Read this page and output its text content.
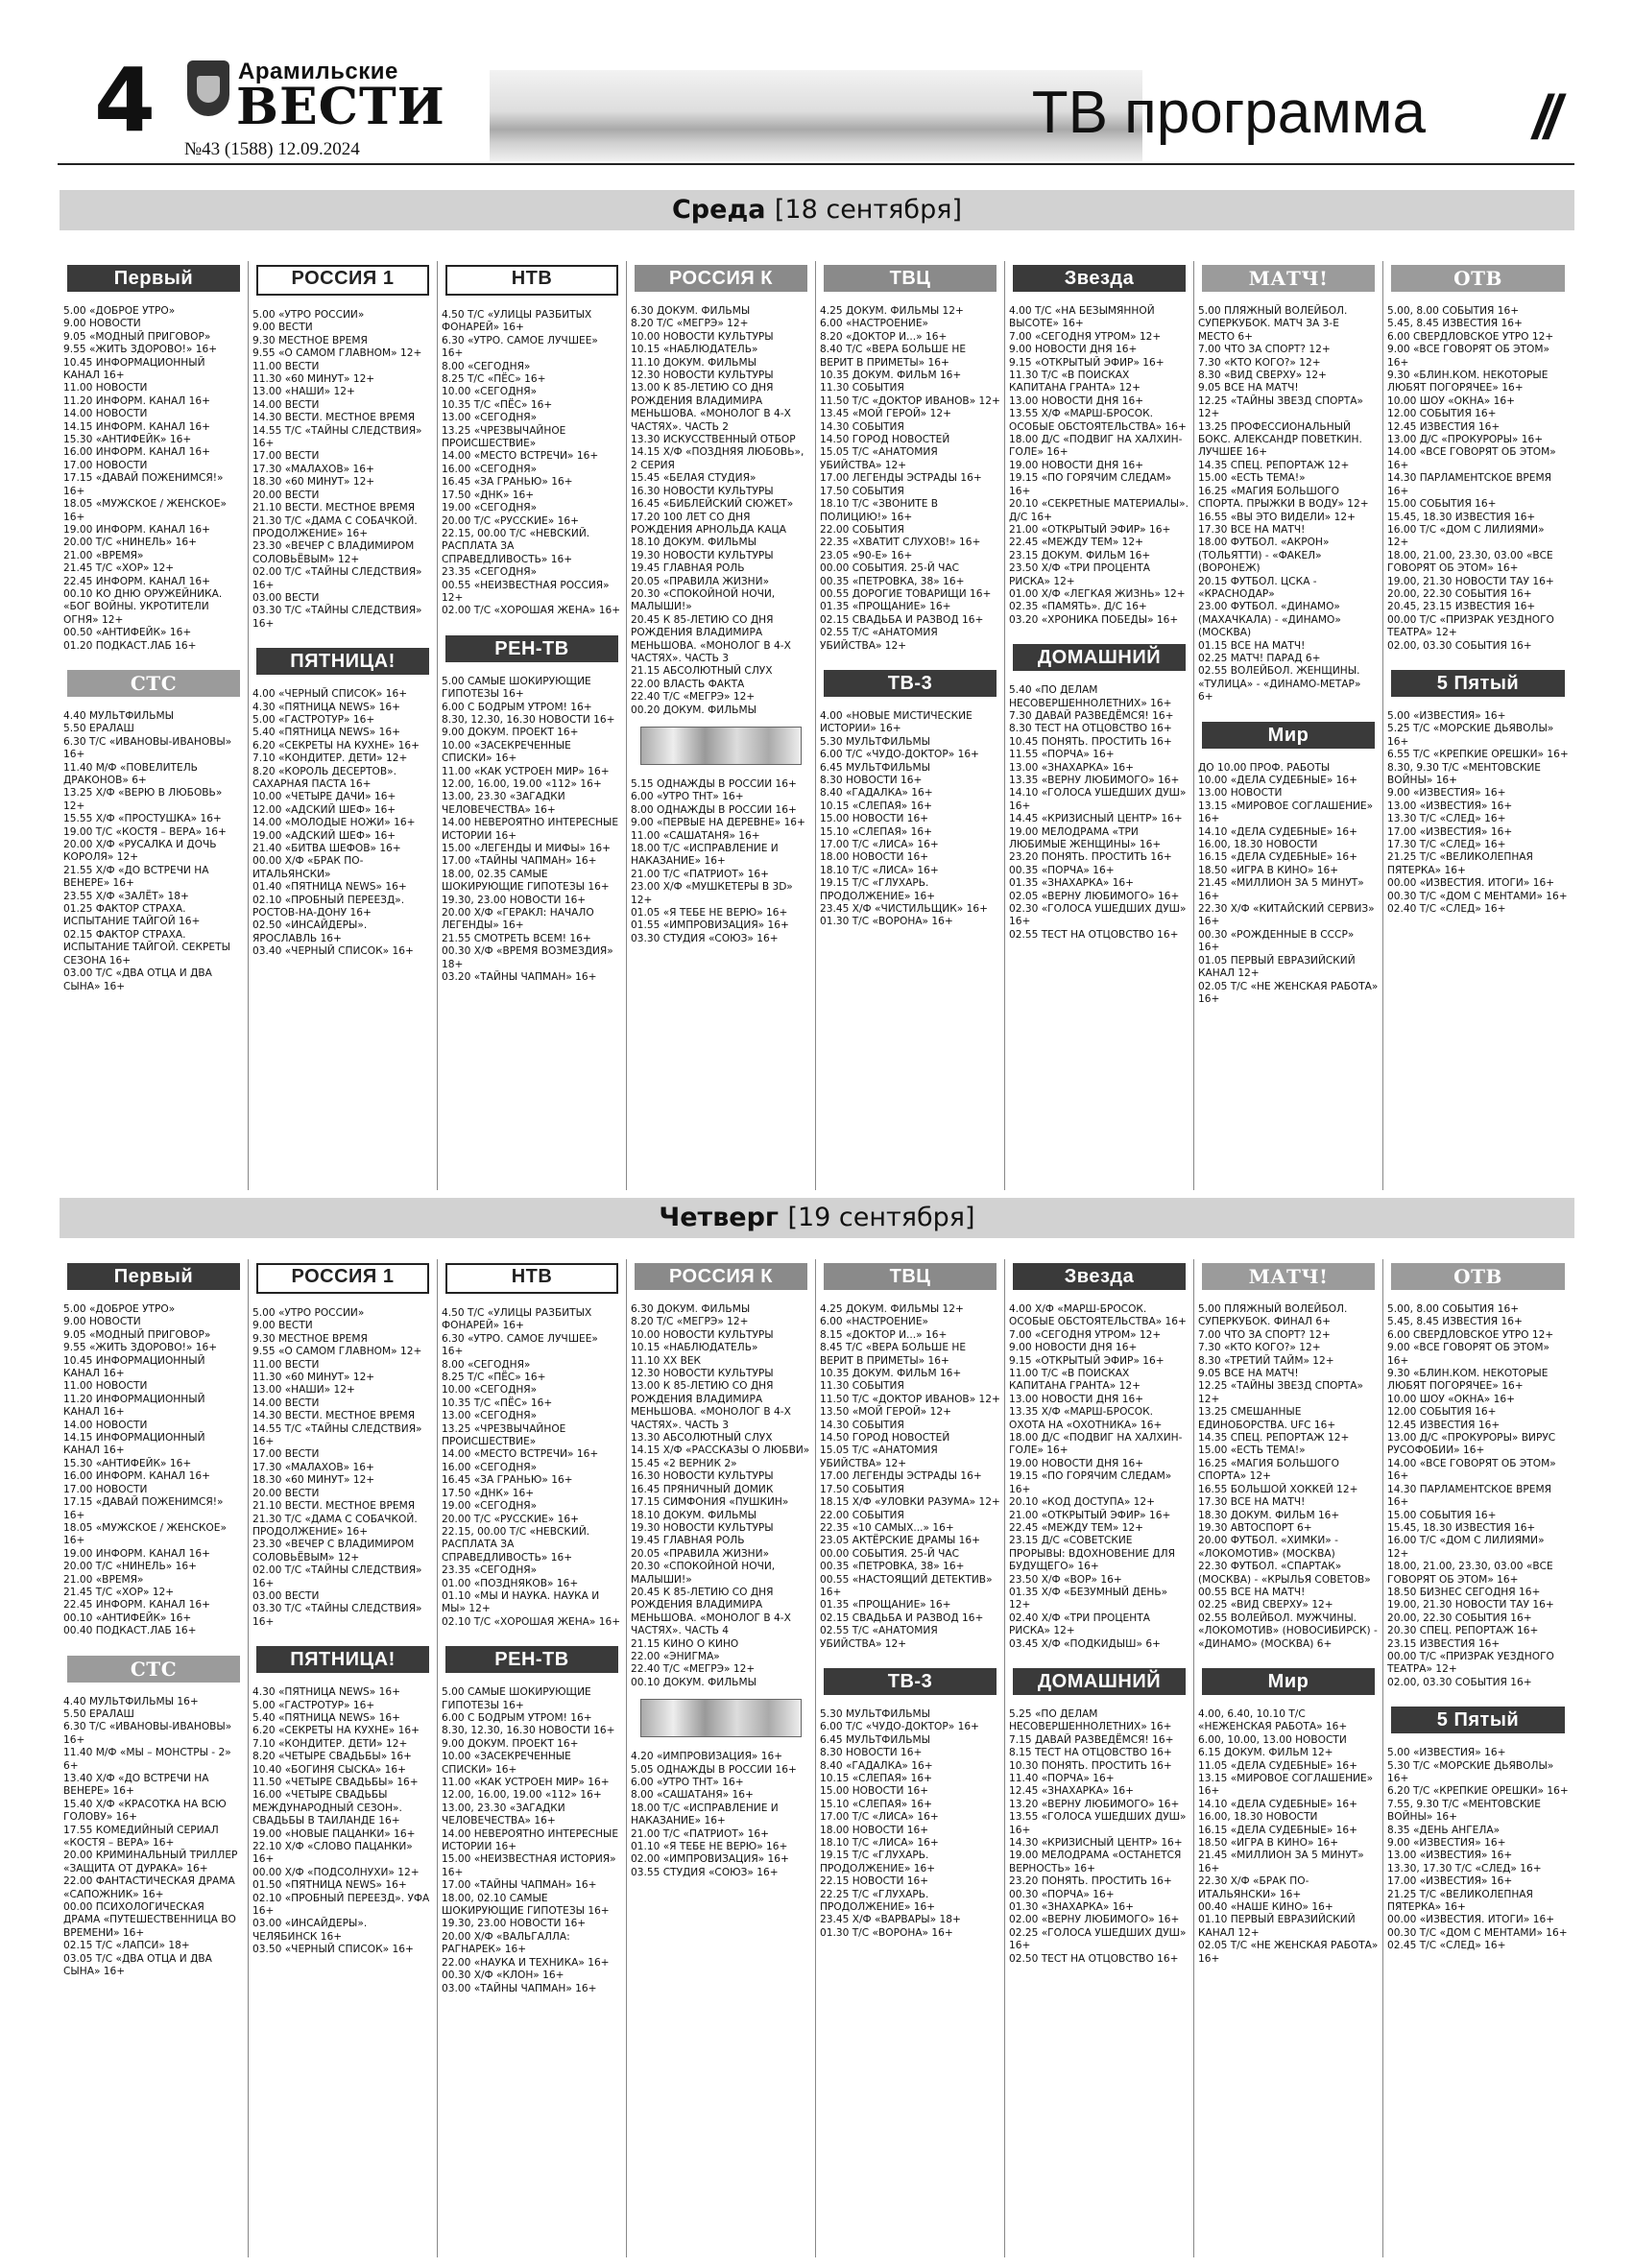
4	Арамильские
ВЕСТИ
№43 (1588) 12.09.2024
ТВ программа //
Среда [18 сентября]
Первый
5.00 «ДОБРОЕ УТРО»
9.00 НОВОСТИ
9.05 «МОДНЫЙ ПРИГОВОР»
9.55 «ЖИТЬ ЗДОРОВО!» 16+
10.45 ИНФОРМАЦИОННЫЙ КАНАЛ 16+
11.00 НОВОСТИ
11.20 ИНФОРМ. КАНАЛ 16+
14.00 НОВОСТИ
14.15 ИНФОРМ. КАНАЛ 16+
15.30 «АНТИФЕЙК» 16+
16.00 ИНФОРМ. КАНАЛ 16+
17.00 НОВОСТИ
17.15 «ДАВАЙ ПОЖЕНИМСЯ!» 16+
18.05 «МУЖСКОЕ / ЖЕНСКОЕ» 16+
19.00 ИНФОРМ. КАНАЛ 16+
20.00 Т/С «НИНЕЛЬ» 16+
21.00 «ВРЕМЯ»
21.45 Т/С «ХОР» 12+
22.45 ИНФОРМ. КАНАЛ 16+
00.10 КО ДНЮ ОРУЖЕЙНИКА. «БОГ ВОЙНЫ. УКРОТИТЕЛИ ОГНЯ» 12+
00.50 «АНТИФЕЙК» 16+
01.20 ПОДКАСТ.ЛАБ 16+
СТС
4.40 МУЛЬТФИЛЬМЫ
5.50 ЕРАЛАШ
6.30 Т/С «ИВАНОВЫ-ИВАНОВЫ» 16+
11.40 М/Ф «ПОВЕЛИТЕЛЬ ДРАКОНОВ» 6+
13.25 Х/Ф «ВЕРЮ В ЛЮБОВЬ» 12+
15.55 Х/Ф «ПРОСТУШКА» 16+
19.00 Т/С «КОСТЯ – ВЕРА» 16+
20.00 Х/Ф «РУСАЛКА И ДОЧЬ КОРОЛЯ» 12+
21.55 Х/Ф «ДО ВСТРЕЧИ НА ВЕНЕРЕ» 16+
23.55 Х/Ф «ЗАЛЁТ» 18+
01.25 ФАКТОР СТРАХА. ИСПЫТАНИЕ ТАЙГОЙ 16+
02.15 ФАКТОР СТРАХА. ИСПЫТАНИЕ ТАЙГОЙ. СЕКРЕТЫ СЕЗОНА 16+
03.00 Т/С «ДВА ОТЦА И ДВА СЫНА» 16+
РОССИЯ 1
5.00 «УТРО РОССИИ»
9.00 ВЕСТИ
9.30 МЕСТНОЕ ВРЕМЯ
9.55 «О САМОМ ГЛАВНОМ» 12+
11.00 ВЕСТИ
11.30 «60 МИНУТ» 12+
13.00 «НАШИ» 12+
14.00 ВЕСТИ
14.30 ВЕСТИ. МЕСТНОЕ ВРЕМЯ
14.55 Т/С «ТАЙНЫ СЛЕДСТВИЯ» 16+
17.00 ВЕСТИ
17.30 «МАЛАХОВ» 16+
18.30 «60 МИНУТ» 12+
20.00 ВЕСТИ
21.10 ВЕСТИ. МЕСТНОЕ ВРЕМЯ
21.30 Т/С «ДАМА С СОБАЧКОЙ. ПРОДОЛЖЕНИЕ» 16+
23.30 «ВЕЧЕР С ВЛАДИМИРОМ СОЛОВЬЁВЫМ» 12+
02.00 Т/С «ТАЙНЫ СЛЕДСТВИЯ» 16+
03.00 ВЕСТИ
03.30 Т/С «ТАЙНЫ СЛЕДСТВИЯ» 16+
ПЯТНИЦА!
4.00 «ЧЕРНЫЙ СПИСОК» 16+
4.30 «ПЯТНИЦА NEWS» 16+
5.00 «ГАСТРОТУР» 16+
5.40 «ПЯТНИЦА NEWS» 16+
6.20 «СЕКРЕТЫ НА КУХНЕ» 16+
7.10 «КОНДИТЕР. ДЕТИ» 12+
8.20 «КОРОЛЬ ДЕСЕРТОВ». САХАРНАЯ ПАСТА 16+
10.00 «ЧЕТЫРЕ ДАЧИ» 16+
12.00 «АДСКИЙ ШЕФ» 16+
14.00 «МОЛОДЫЕ НОЖИ» 16+
19.00 «АДСКИЙ ШЕФ» 16+
21.40 «БИТВА ШЕФОВ» 16+
00.00 Х/Ф «БРАК ПО-ИТАЛЬЯНСКИ»
01.40 «ПЯТНИЦА NEWS» 16+
02.10 «ПРОБНЫЙ ПЕРЕЕЗД». РОСТОВ-НА-ДОНУ 16+
02.50 «ИНСАЙДЕРЫ». ЯРОСЛАВЛЬ 16+
03.40 «ЧЕРНЫЙ СПИСОК» 16+
НТВ
4.50 Т/С «УЛИЦЫ РАЗБИТЫХ ФОНАРЕЙ» 16+
6.30 «УТРО. САМОЕ ЛУЧШЕЕ» 16+
8.00 «СЕГОДНЯ»
8.25 Т/С «ПЁС» 16+
10.00 «СЕГОДНЯ»
10.35 Т/С «ПЁС» 16+
13.00 «СЕГОДНЯ»
13.25 «ЧРЕЗВЫЧАЙНОЕ ПРОИСШЕСТВИЕ»
14.00 «МЕСТО ВСТРЕЧИ» 16+
16.00 «СЕГОДНЯ»
16.45 «ЗА ГРАНЬЮ» 16+
17.50 «ДНК» 16+
19.00 «СЕГОДНЯ»
20.00 Т/С «РУССКИЕ» 16+
22.15, 00.00 Т/С «НЕВСКИЙ. РАСПЛАТА ЗА СПРАВЕДЛИВОСТЬ» 16+
23.35 «СЕГОДНЯ»
00.55 «НЕИЗВЕСТНАЯ РОССИЯ» 12+
02.00 Т/С «ХОРОШАЯ ЖЕНА» 16+
РЕН-ТВ
5.00 САМЫЕ ШОКИРУЮЩИЕ ГИПОТЕЗЫ 16+
6.00 С БОДРЫМ УТРОМ! 16+
8.30, 12.30, 16.30 НОВОСТИ 16+
9.00 ДОКУМ. ПРОЕКТ 16+
10.00 «ЗАСЕКРЕЧЕННЫЕ СПИСКИ» 16+
11.00 «КАК УСТРОЕН МИР» 16+
12.00, 16.00, 19.00 «112» 16+
13.00, 23.30 «ЗАГАДКИ ЧЕЛОВЕЧЕСТВА» 16+
14.00 НЕВЕРОЯТНО ИНТЕРЕСНЫЕ ИСТОРИИ 16+
15.00 «ЛЕГЕНДЫ И МИФЫ» 16+
17.00 «ТАЙНЫ ЧАПМАН» 16+
18.00, 02.35 САМЫЕ ШОКИРУЮЩИЕ ГИПОТЕЗЫ 16+
19.30, 23.00 НОВОСТИ 16+
20.00 Х/Ф «ГЕРАКЛ: НАЧАЛО ЛЕГЕНДЫ» 16+
21.55 СМОТРЕТЬ ВСЕМ! 16+
00.30 Х/Ф «ВРЕМЯ ВОЗМЕЗДИЯ» 18+
03.20 «ТАЙНЫ ЧАПМАН» 16+
РОССИЯ К
6.30 ДОКУМ. ФИЛЬМЫ
8.20 Т/С «МЕГРЭ» 12+
10.00 НОВОСТИ КУЛЬТУРЫ
10.15 «НАБЛЮДАТЕЛЬ»
11.10 ДОКУМ. ФИЛЬМЫ
12.30 НОВОСТИ КУЛЬТУРЫ
13.00 К 85-ЛЕТИЮ СО ДНЯ РОЖДЕНИЯ ВЛАДИМИРА МЕНЬШОВА. «МОНОЛОГ В 4-Х ЧАСТЯХ». ЧАСТЬ 2
13.30 ИСКУССТВЕННЫЙ ОТБОР
14.15 Х/Ф «ПОЗДНЯЯ ЛЮБОВЬ», 2 СЕРИЯ
15.45 «БЕЛАЯ СТУДИЯ»
16.30 НОВОСТИ КУЛЬТУРЫ
16.45 «БИБЛЕЙСКИЙ СЮЖЕТ»
17.20 100 ЛЕТ СО ДНЯ РОЖДЕНИЯ АРНОЛЬДА КАЦА
18.10 ДОКУМ. ФИЛЬМЫ
19.30 НОВОСТИ КУЛЬТУРЫ
19.45 ГЛАВНАЯ РОЛЬ
20.05 «ПРАВИЛА ЖИЗНИ»
20.30 «СПОКОЙНОЙ НОЧИ, МАЛЫШИ!»
20.45 К 85-ЛЕТИЮ СО ДНЯ РОЖДЕНИЯ ВЛАДИМИРА МЕНЬШОВА. «МОНОЛОГ В 4-Х ЧАСТЯХ». ЧАСТЬ 3
21.15 АБСОЛЮТНЫЙ СЛУХ
22.00 ВЛАСТЬ ФАКТА
22.40 Т/С «МЕГРЭ» 12+
00.20 ДОКУМ. ФИЛЬМЫ
5.15 ОДНАЖДЫ В РОССИИ 16+
6.00 «УТРО ТНТ» 16+
8.00 ОДНАЖДЫ В РОССИИ 16+
9.00 «ПЕРВЫЕ НА ДЕРЕВНЕ» 16+
11.00 «САШАТАНЯ» 16+
18.00 Т/С «ИСПРАВЛЕНИЕ И НАКАЗАНИЕ» 16+
21.00 Т/С «ПАТРИОТ» 16+
23.00 Х/Ф «МУШКЕТЕРЫ В 3D» 12+
01.05 «Я ТЕБЕ НЕ ВЕРЮ» 16+
01.55 «ИМПРОВИЗАЦИЯ» 16+
03.30 СТУДИЯ «СОЮЗ» 16+
ТВЦ
4.25 ДОКУМ. ФИЛЬМЫ 12+
6.00 «НАСТРОЕНИЕ»
8.20 «ДОКТОР И...» 16+
8.40 Т/С «ВЕРА БОЛЬШЕ НЕ ВЕРИТ В ПРИМЕТЫ» 16+
10.35 ДОКУМ. ФИЛЬМ 16+
11.30 СОБЫТИЯ
11.50 Т/С «ДОКТОР ИВАНОВ» 12+
13.45 «МОЙ ГЕРОЙ» 12+
14.30 СОБЫТИЯ
14.50 ГОРОД НОВОСТЕЙ
15.05 Т/С «АНАТОМИЯ УБИЙСТВА» 12+
17.00 ЛЕГЕНДЫ ЭСТРАДЫ 16+
17.50 СОБЫТИЯ
18.10 Т/С «ЗВОНИТЕ В ПОЛИЦИЮ!» 16+
22.00 СОБЫТИЯ
22.35 «ХВАТИТ СЛУХОВ!» 16+
23.05 «90-Е» 16+
00.00 СОБЫТИЯ. 25-Й ЧАС
00.35 «ПЕТРОВКА, 38» 16+
00.55 ДОРОГИЕ ТОВАРИЩИ 16+
01.35 «ПРОЩАНИЕ» 16+
02.15 СВАДЬБА И РАЗВОД 16+
02.55 Т/С «АНАТОМИЯ УБИЙСТВА» 12+
ТВ-3
4.00 «НОВЫЕ МИСТИЧЕСКИЕ ИСТОРИИ» 16+
5.30 МУЛЬТФИЛЬМЫ
6.00 Т/С «ЧУДО-ДОКТОР» 16+
6.45 МУЛЬТФИЛЬМЫ
8.30 НОВОСТИ 16+
8.40 «ГАДАЛКА» 16+
10.15 «СЛЕПАЯ» 16+
15.00 НОВОСТИ 16+
15.10 «СЛЕПАЯ» 16+
17.00 Т/С «ЛИСА» 16+
18.00 НОВОСТИ 16+
18.10 Т/С «ЛИСА» 16+
19.15 Т/С «ГЛУХАРЬ. ПРОДОЛЖЕНИЕ» 16+
23.45 Х/Ф «ЧИСТИЛЬЩИК» 16+
01.30 Т/С «ВОРОНА» 16+
Звезда
4.00 Т/С «НА БЕЗЫМЯННОЙ ВЫСОТЕ» 16+
7.00 «СЕГОДНЯ УТРОМ» 12+
9.00 НОВОСТИ ДНЯ 16+
9.15 «ОТКРЫТЫЙ ЭФИР» 16+
11.30 Т/С «В ПОИСКАХ КАПИТАНА ГРАНТА» 12+
13.00 НОВОСТИ ДНЯ 16+
13.55 Х/Ф «МАРШ-БРОСОК. ОСОБЫЕ ОБСТОЯТЕЛЬСТВА» 16+
18.00 Д/С «ПОДВИГ НА ХАЛХИН-ГОЛЕ» 16+
19.00 НОВОСТИ ДНЯ 16+
19.15 «ПО ГОРЯЧИМ СЛЕДАМ» 16+
20.10 «СЕКРЕТНЫЕ МАТЕРИАЛЫ». Д/С 16+
21.00 «ОТКРЫТЫЙ ЭФИР» 16+
22.45 «МЕЖДУ ТЕМ» 12+
23.15 ДОКУМ. ФИЛЬМ 16+
23.50 Х/Ф «ТРИ ПРОЦЕНТА РИСКА» 12+
01.00 Х/Ф «ЛЕГКАЯ ЖИЗНЬ» 12+
02.35 «ПАМЯТЬ». Д/С 16+
03.20 «ХРОНИКА ПОБЕДЫ» 16+
ДОМАШНИЙ
5.40 «ПО ДЕЛАМ НЕСОВЕРШЕННОЛЕТНИХ» 16+
7.30 ДАВАЙ РАЗВЕДЁМСЯ! 16+
8.30 ТЕСТ НА ОТЦОВСТВО 16+
10.45 ПОНЯТЬ. ПРОСТИТЬ 16+
11.55 «ПОРЧА» 16+
13.00 «ЗНАХАРКА» 16+
13.35 «ВЕРНУ ЛЮБИМОГО» 16+
14.10 «ГОЛОСА УШЕДШИХ ДУШ» 16+
14.45 «КРИЗИСНЫЙ ЦЕНТР» 16+
19.00 МЕЛОДРАМА «ТРИ ЛЮБИМЫЕ ЖЕНЩИНЫ» 16+
23.20 ПОНЯТЬ. ПРОСТИТЬ 16+
00.35 «ПОРЧА» 16+
01.35 «ЗНАХАРКА» 16+
02.05 «ВЕРНУ ЛЮБИМОГО» 16+
02.30 «ГОЛОСА УШЕДШИХ ДУШ» 16+
02.55 ТЕСТ НА ОТЦОВСТВО 16+
МАТЧ!
5.00 ПЛЯЖНЫЙ ВОЛЕЙБОЛ. СУПЕРКУБОК. МАТЧ ЗА 3-Е МЕСТО 6+
7.00 ЧТО ЗА СПОРТ? 12+
7.30 «КТО КОГО?» 12+
8.30 «ВИД СВЕРХУ» 12+
9.05 ВСЕ НА МАТЧ!
12.25 «ТАЙНЫ ЗВЕЗД СПОРТА» 12+
13.25 ПРОФЕССИОНАЛЬНЫЙ БОКС. АЛЕКСАНДР ПОВЕТКИН. ЛУЧШЕЕ 16+
14.35 СПЕЦ. РЕПОРТАЖ 12+
15.00 «ЕСТЬ ТЕМА!»
16.25 «МАГИЯ БОЛЬШОГО СПОРТА. ПРЫЖКИ В ВОДУ» 12+
16.55 «ВЫ ЭТО ВИДЕЛИ» 12+
17.30 ВСЕ НА МАТЧ!
18.00 ФУТБОЛ. «АКРОН» (ТОЛЬЯТТИ) - «ФАКЕЛ» (ВОРОНЕЖ)
20.15 ФУТБОЛ. ЦСКА - «КРАСНОДАР»
23.00 ФУТБОЛ. «ДИНАМО» (МАХАЧКАЛА) - «ДИНАМО» (МОСКВА)
01.15 ВСЕ НА МАТЧ!
02.25 МАТЧ! ПАРАД 6+
02.55 ВОЛЕЙБОЛ. ЖЕНЩИНЫ. «ТУЛИЦА» - «ДИНАМО-МЕТАР» 6+
Мир
ДО 10.00 ПРОФ. РАБОТЫ
10.00 «ДЕЛА СУДЕБНЫЕ» 16+
13.00 НОВОСТИ
13.15 «МИРОВОЕ СОГЛАШЕНИЕ» 16+
14.10 «ДЕЛА СУДЕБНЫЕ» 16+
16.00, 18.30 НОВОСТИ
16.15 «ДЕЛА СУДЕБНЫЕ» 16+
18.50 «ИГРА В КИНО» 16+
21.45 «МИЛЛИОН ЗА 5 МИНУТ» 16+
22.30 Х/Ф «КИТАЙСКИЙ СЕРВИЗ» 16+
00.30 «РОЖДЕННЫЕ В СССР» 16+
01.05 ПЕРВЫЙ ЕВРАЗИЙСКИЙ КАНАЛ 12+
02.05 Т/С «НЕ ЖЕНСКАЯ РАБОТА» 16+
ОТВ
5.00, 8.00 СОБЫТИЯ 16+
5.45, 8.45 ИЗВЕСТИЯ 16+
6.00 СВЕРДЛОВСКОЕ УТРО 12+
9.00 «ВСЕ ГОВОРЯТ ОБ ЭТОМ» 16+
9.30 «БЛИН.КОМ. НЕКОТОРЫЕ ЛЮБЯТ ПОГОРЯЧЕЕ» 16+
10.00 ШОУ «ОКНА» 16+
12.00 СОБЫТИЯ 16+
12.45 ИЗВЕСТИЯ 16+
13.00 Д/С «ПРОКУРОРЫ» 16+
14.00 «ВСЕ ГОВОРЯТ ОБ ЭТОМ» 16+
14.30 ПАРЛАМЕНТСКОЕ ВРЕМЯ 16+
15.00 СОБЫТИЯ 16+
15.45, 18.30 ИЗВЕСТИЯ 16+
16.00 Т/С «ДОМ С ЛИЛИЯМИ» 12+
18.00, 21.00, 23.30, 03.00 «ВСЕ ГОВОРЯТ ОБ ЭТОМ» 16+
19.00, 21.30 НОВОСТИ ТАУ 16+
20.00, 22.30 СОБЫТИЯ 16+
20.45, 23.15 ИЗВЕСТИЯ 16+
00.00 Т/С «ПРИЗРАК УЕЗДНОГО ТЕАТРА» 12+
02.00, 03.30 СОБЫТИЯ 16+
5 Пятый
5.00 «ИЗВЕСТИЯ» 16+
5.25 Т/С «МОРСКИЕ ДЬЯВОЛЫ» 16+
6.55 Т/С «КРЕПКИЕ ОРЕШКИ» 16+
8.30, 9.30 Т/С «МЕНТОВСКИЕ ВОЙНЫ» 16+
9.00 «ИЗВЕСТИЯ» 16+
13.00 «ИЗВЕСТИЯ» 16+
13.30 Т/С «СЛЕД» 16+
17.00 «ИЗВЕСТИЯ» 16+
17.30 Т/С «СЛЕД» 16+
21.25 Т/С «ВЕЛИКОЛЕПНАЯ ПЯТЕРКА» 16+
00.00 «ИЗВЕСТИЯ. ИТОГИ» 16+
00.30 Т/С «ДОМ С МЕНТАМИ» 16+
02.40 Т/С «СЛЕД» 16+
Четверг [19 сентября]
Первый
5.00 «ДОБРОЕ УТРО»
9.00 НОВОСТИ
9.05 «МОДНЫЙ ПРИГОВОР»
9.55 «ЖИТЬ ЗДОРОВО!» 16+
10.45 ИНФОРМАЦИОННЫЙ КАНАЛ 16+
11.00 НОВОСТИ
11.20 ИНФОРМАЦИОННЫЙ КАНАЛ 16+
14.00 НОВОСТИ
14.15 ИНФОРМАЦИОННЫЙ КАНАЛ 16+
15.30 «АНТИФЕЙК» 16+
16.00 ИНФОРМ. КАНАЛ 16+
17.00 НОВОСТИ
17.15 «ДАВАЙ ПОЖЕНИМСЯ!» 16+
18.05 «МУЖСКОЕ / ЖЕНСКОЕ» 16+
19.00 ИНФОРМ. КАНАЛ 16+
20.00 Т/С «НИНЕЛЬ» 16+
21.00 «ВРЕМЯ»
21.45 Т/С «ХОР» 12+
22.45 ИНФОРМ. КАНАЛ 16+
00.10 «АНТИФЕЙК» 16+
00.40 ПОДКАСТ.ЛАБ 16+
СТС
4.40 МУЛЬТФИЛЬМЫ 16+
5.50 ЕРАЛАШ
6.30 Т/С «ИВАНОВЫ-ИВАНОВЫ» 16+
11.40 М/Ф «МЫ – МОНСТРЫ - 2» 6+
13.40 Х/Ф «ДО ВСТРЕЧИ НА ВЕНЕРЕ» 16+
15.40 Х/Ф «КРАСОТКА НА ВСЮ ГОЛОВУ» 16+
17.55 КОМЕДИЙНЫЙ СЕРИАЛ «КОСТЯ – ВЕРА» 16+
20.00 КРИМИНАЛЬНЫЙ ТРИЛЛЕР «ЗАЩИТА ОТ ДУРАКА» 16+
22.00 ФАНТАСТИЧЕСКАЯ ДРАМА «САПОЖНИК» 16+
00.00 ПСИХОЛОГИЧЕСКАЯ ДРАМА «ПУТЕШЕСТВЕННИЦА ВО ВРЕМЕНИ» 16+
02.15 Т/С «ЛАПСИ» 18+
03.05 Т/С «ДВА ОТЦА И ДВА СЫНА» 16+
РОССИЯ 1
5.00 «УТРО РОССИИ»
9.00 ВЕСТИ
9.30 МЕСТНОЕ ВРЕМЯ
9.55 «О САМОМ ГЛАВНОМ» 12+
11.00 ВЕСТИ
11.30 «60 МИНУТ» 12+
13.00 «НАШИ» 12+
14.00 ВЕСТИ
14.30 ВЕСТИ. МЕСТНОЕ ВРЕМЯ
14.55 Т/С «ТАЙНЫ СЛЕДСТВИЯ» 16+
17.00 ВЕСТИ
17.30 «МАЛАХОВ» 16+
18.30 «60 МИНУТ» 12+
20.00 ВЕСТИ
21.10 ВЕСТИ. МЕСТНОЕ ВРЕМЯ
21.30 Т/С «ДАМА С СОБАЧКОЙ. ПРОДОЛЖЕНИЕ» 16+
23.30 «ВЕЧЕР С ВЛАДИМИРОМ СОЛОВЬЁВЫМ» 12+
02.00 Т/С «ТАЙНЫ СЛЕДСТВИЯ» 16+
03.00 ВЕСТИ
03.30 Т/С «ТАЙНЫ СЛЕДСТВИЯ» 16+
ПЯТНИЦА!
4.30 «ПЯТНИЦА NEWS» 16+
5.00 «ГАСТРОТУР» 16+
5.40 «ПЯТНИЦА NEWS» 16+
6.20 «СЕКРЕТЫ НА КУХНЕ» 16+
7.10 «КОНДИТЕР. ДЕТИ» 12+
8.20 «ЧЕТЫРЕ СВАДЬБЫ» 16+
10.40 «БОГИНЯ СЫСКА» 16+
11.50 «ЧЕТЫРЕ СВАДЬБЫ» 16+
16.00 «ЧЕТЫРЕ СВАДЬБЫ МЕЖДУНАРОДНЫЙ СЕЗОН». СВАДЬБЫ В ТАИЛАНДЕ 16+
19.00 «НОВЫЕ ПАЦАНКИ» 16+
22.10 Х/Ф «СЛОВО ПАЦАНКИ» 16+
00.00 Х/Ф «ПОДСОЛНУХИ» 12+
01.50 «ПЯТНИЦА NEWS» 16+
02.10 «ПРОБНЫЙ ПЕРЕЕЗД». УФА 16+
03.00 «ИНСАЙДЕРЫ». ЧЕЛЯБИНСК 16+
03.50 «ЧЕРНЫЙ СПИСОК» 16+
НТВ
4.50 Т/С «УЛИЦЫ РАЗБИТЫХ ФОНАРЕЙ» 16+
6.30 «УТРО. САМОЕ ЛУЧШЕЕ» 16+
8.00 «СЕГОДНЯ»
8.25 Т/С «ПЁС» 16+
10.00 «СЕГОДНЯ»
10.35 Т/С «ПЁС» 16+
13.00 «СЕГОДНЯ»
13.25 «ЧРЕЗВЫЧАЙНОЕ ПРОИСШЕСТВИЕ»
14.00 «МЕСТО ВСТРЕЧИ» 16+
16.00 «СЕГОДНЯ»
16.45 «ЗА ГРАНЬЮ» 16+
17.50 «ДНК» 16+
19.00 «СЕГОДНЯ»
20.00 Т/С «РУССКИЕ» 16+
22.15, 00.00 Т/С «НЕВСКИЙ. РАСПЛАТА ЗА СПРАВЕДЛИВОСТЬ» 16+
23.35 «СЕГОДНЯ»
01.00 «ПОЗДНЯКОВ» 16+
01.10 «МЫ И НАУКА. НАУКА И МЫ» 12+
02.10 Т/С «ХОРОШАЯ ЖЕНА» 16+
РЕН-ТВ
5.00 САМЫЕ ШОКИРУЮЩИЕ ГИПОТЕЗЫ 16+
6.00 С БОДРЫМ УТРОМ! 16+
8.30, 12.30, 16.30 НОВОСТИ 16+
9.00 ДОКУМ. ПРОЕКТ 16+
10.00 «ЗАСЕКРЕЧЕННЫЕ СПИСКИ» 16+
11.00 «КАК УСТРОЕН МИР» 16+
12.00, 16.00, 19.00 «112» 16+
13.00, 23.30 «ЗАГАДКИ ЧЕЛОВЕЧЕСТВА» 16+
14.00 НЕВЕРОЯТНО ИНТЕРЕСНЫЕ ИСТОРИИ 16+
15.00 «НЕИЗВЕСТНАЯ ИСТОРИЯ» 16+
17.00 «ТАЙНЫ ЧАПМАН» 16+
18.00, 02.10 САМЫЕ ШОКИРУЮЩИЕ ГИПОТЕЗЫ 16+
19.30, 23.00 НОВОСТИ 16+
20.00 Х/Ф «ВАЛЬГАЛЛА: РАГНАРЕК» 16+
22.00 «НАУКА И ТЕХНИКА» 16+
00.30 Х/Ф «КЛОН» 16+
03.00 «ТАЙНЫ ЧАПМАН» 16+
РОССИЯ К
6.30 ДОКУМ. ФИЛЬМЫ
8.20 Т/С «МЕГРЭ» 12+
10.00 НОВОСТИ КУЛЬТУРЫ
10.15 «НАБЛЮДАТЕЛЬ»
11.10 XX ВЕК
12.30 НОВОСТИ КУЛЬТУРЫ
13.00 К 85-ЛЕТИЮ СО ДНЯ РОЖДЕНИЯ ВЛАДИМИРА МЕНЬШОВА. «МОНОЛОГ В 4-Х ЧАСТЯХ». ЧАСТЬ 3
13.30 АБСОЛЮТНЫЙ СЛУХ
14.15 Х/Ф «РАССКАЗЫ О ЛЮБВИ»
15.45 «2 ВЕРНИК 2»
16.30 НОВОСТИ КУЛЬТУРЫ
16.45 ПРЯНИЧНЫЙ ДОМИК
17.15 СИМФОНИЯ «ПУШКИН»
18.10 ДОКУМ. ФИЛЬМЫ
19.30 НОВОСТИ КУЛЬТУРЫ
19.45 ГЛАВНАЯ РОЛЬ
20.05 «ПРАВИЛА ЖИЗНИ»
20.30 «СПОКОЙНОЙ НОЧИ, МАЛЫШИ!»
20.45 К 85-ЛЕТИЮ СО ДНЯ РОЖДЕНИЯ ВЛАДИМИРА МЕНЬШОВА. «МОНОЛОГ В 4-Х ЧАСТЯХ». ЧАСТЬ 4
21.15 КИНО О КИНО
22.00 «ЭНИГМА»
22.40 Т/С «МЕГРЭ» 12+
00.10 ДОКУМ. ФИЛЬМЫ
4.20 «ИМПРОВИЗАЦИЯ» 16+
5.05 ОДНАЖДЫ В РОССИИ 16+
6.00 «УТРО ТНТ» 16+
8.00 «САШАТАНЯ» 16+
18.00 Т/С «ИСПРАВЛЕНИЕ И НАКАЗАНИЕ» 16+
21.00 Т/С «ПАТРИОТ» 16+
01.10 «Я ТЕБЕ НЕ ВЕРЮ» 16+
02.00 «ИМПРОВИЗАЦИЯ» 16+
03.55 СТУДИЯ «СОЮЗ» 16+
ТВЦ
4.25 ДОКУМ. ФИЛЬМЫ 12+
6.00 «НАСТРОЕНИЕ»
8.15 «ДОКТОР И...» 16+
8.45 Т/С «ВЕРА БОЛЬШЕ НЕ ВЕРИТ В ПРИМЕТЫ» 16+
10.35 ДОКУМ. ФИЛЬМ 16+
11.30 СОБЫТИЯ
11.50 Т/С «ДОКТОР ИВАНОВ» 12+
13.50 «МОЙ ГЕРОЙ» 12+
14.30 СОБЫТИЯ
14.50 ГОРОД НОВОСТЕЙ
15.05 Т/С «АНАТОМИЯ УБИЙСТВА» 12+
17.00 ЛЕГЕНДЫ ЭСТРАДЫ 16+
17.50 СОБЫТИЯ
18.15 Х/Ф «УЛОВКИ РАЗУМА» 12+
22.00 СОБЫТИЯ
22.35 «10 САМЫХ...» 16+
23.05 АКТЁРСКИЕ ДРАМЫ 16+
00.00 СОБЫТИЯ. 25-Й ЧАС
00.35 «ПЕТРОВКА, 38» 16+
00.55 «НАСТОЯЩИЙ ДЕТЕКТИВ» 16+
01.35 «ПРОЩАНИЕ» 16+
02.15 СВАДЬБА И РАЗВОД 16+
02.55 Т/С «АНАТОМИЯ УБИЙСТВА» 12+
ТВ-3
5.30 МУЛЬТФИЛЬМЫ
6.00 Т/С «ЧУДО-ДОКТОР» 16+
6.45 МУЛЬТФИЛЬМЫ
8.30 НОВОСТИ 16+
8.40 «ГАДАЛКА» 16+
10.15 «СЛЕПАЯ» 16+
15.00 НОВОСТИ 16+
15.10 «СЛЕПАЯ» 16+
17.00 Т/С «ЛИСА» 16+
18.00 НОВОСТИ 16+
18.10 Т/С «ЛИСА» 16+
19.15 Т/С «ГЛУХАРЬ. ПРОДОЛЖЕНИЕ» 16+
22.15 НОВОСТИ 16+
22.25 Т/С «ГЛУХАРЬ. ПРОДОЛЖЕНИЕ» 16+
23.45 Х/Ф «ВАРВАРЫ» 18+
01.30 Т/С «ВОРОНА» 16+
Звезда
4.00 Х/Ф «МАРШ-БРОСОК. ОСОБЫЕ ОБСТОЯТЕЛЬСТВА» 16+
7.00 «СЕГОДНЯ УТРОМ» 12+
9.00 НОВОСТИ ДНЯ 16+
9.15 «ОТКРЫТЫЙ ЭФИР» 16+
11.00 Т/С «В ПОИСКАХ КАПИТАНА ГРАНТА» 12+
13.00 НОВОСТИ ДНЯ 16+
13.35 Х/Ф «МАРШ-БРОСОК. ОХОТА НА «ОХОТНИКА» 16+
18.00 Д/С «ПОДВИГ НА ХАЛХИН-ГОЛЕ» 16+
19.00 НОВОСТИ ДНЯ 16+
19.15 «ПО ГОРЯЧИМ СЛЕДАМ» 16+
20.10 «КОД ДОСТУПА» 12+
21.00 «ОТКРЫТЫЙ ЭФИР» 16+
22.45 «МЕЖДУ ТЕМ» 12+
23.15 Д/С «СОВЕТСКИЕ ПРОРЫВЫ: ВДОХНОВЕНИЕ ДЛЯ БУДУЩЕГО» 16+
23.50 Х/Ф «ВОР» 16+
01.35 Х/Ф «БЕЗУМНЫЙ ДЕНЬ» 12+
02.40 Х/Ф «ТРИ ПРОЦЕНТА РИСКА» 12+
03.45 Х/Ф «ПОДКИДЫШ» 6+
ДОМАШНИЙ
5.25 «ПО ДЕЛАМ НЕСОВЕРШЕННОЛЕТНИХ» 16+
7.15 ДАВАЙ РАЗВЕДЁМСЯ! 16+
8.15 ТЕСТ НА ОТЦОВСТВО 16+
10.30 ПОНЯТЬ. ПРОСТИТЬ 16+
11.40 «ПОРЧА» 16+
12.45 «ЗНАХАРКА» 16+
13.20 «ВЕРНУ ЛЮБИМОГО» 16+
13.55 «ГОЛОСА УШЕДШИХ ДУШ» 16+
14.30 «КРИЗИСНЫЙ ЦЕНТР» 16+
19.00 МЕЛОДРАМА «ОСТАНЕТСЯ ВЕРНОСТЬ» 16+
23.20 ПОНЯТЬ. ПРОСТИТЬ 16+
00.30 «ПОРЧА» 16+
01.30 «ЗНАХАРКА» 16+
02.00 «ВЕРНУ ЛЮБИМОГО» 16+
02.25 «ГОЛОСА УШЕДШИХ ДУШ» 16+
02.50 ТЕСТ НА ОТЦОВСТВО 16+
МАТЧ!
5.00 ПЛЯЖНЫЙ ВОЛЕЙБОЛ. СУПЕРКУБОК. ФИНАЛ 6+
7.00 ЧТО ЗА СПОРТ? 12+
7.30 «КТО КОГО?» 12+
8.30 «ТРЕТИЙ ТАЙМ» 12+
9.05 ВСЕ НА МАТЧ!
12.25 «ТАЙНЫ ЗВЕЗД СПОРТА» 12+
13.25 СМЕШАННЫЕ ЕДИНОБОРСТВА. UFC 16+
14.35 СПЕЦ. РЕПОРТАЖ 12+
15.00 «ЕСТЬ ТЕМА!»
16.25 «МАГИЯ БОЛЬШОГО СПОРТА» 12+
16.55 БОЛЬШОЙ ХОККЕЙ 12+
17.30 ВСЕ НА МАТЧ!
18.30 ДОКУМ. ФИЛЬМ 16+
19.30 АВТОСПОРТ 6+
20.00 ФУТБОЛ. «ХИМКИ» - «ЛОКОМОТИВ» (МОСКВА)
22.30 ФУТБОЛ. «СПАРТАК» (МОСКВА) - «КРЫЛЬЯ СОВЕТОВ»
00.55 ВСЕ НА МАТЧ!
02.25 «ВИД СВЕРХУ» 12+
02.55 ВОЛЕЙБОЛ. МУЖЧИНЫ. «ЛОКОМОТИВ» (НОВОСИБИРСК) - «ДИНАМО» (МОСКВА) 6+
Мир
4.00, 6.40, 10.10 Т/С «НЕЖЕНСКАЯ РАБОТА» 16+
6.00, 10.00, 13.00 НОВОСТИ
6.15 ДОКУМ. ФИЛЬМ 12+
11.05 «ДЕЛА СУДЕБНЫЕ» 16+
13.15 «МИРОВОЕ СОГЛАШЕНИЕ» 16+
14.10 «ДЕЛА СУДЕБНЫЕ» 16+
16.00, 18.30 НОВОСТИ
16.15 «ДЕЛА СУДЕБНЫЕ» 16+
18.50 «ИГРА В КИНО» 16+
21.45 «МИЛЛИОН ЗА 5 МИНУТ» 16+
22.30 Х/Ф «БРАК ПО-ИТАЛЬЯНСКИ» 16+
00.40 «НАШЕ КИНО» 16+
01.10 ПЕРВЫЙ ЕВРАЗИЙСКИЙ КАНАЛ 12+
02.05 Т/С «НЕ ЖЕНСКАЯ РАБОТА» 16+
ОТВ
5.00, 8.00 СОБЫТИЯ 16+
5.45, 8.45 ИЗВЕСТИЯ 16+
6.00 СВЕРДЛОВСКОЕ УТРО 12+
9.00 «ВСЕ ГОВОРЯТ ОБ ЭТОМ» 16+
9.30 «БЛИН.КОМ. НЕКОТОРЫЕ ЛЮБЯТ ПОГОРЯЧЕЕ» 16+
10.00 ШОУ «ОКНА» 16+
12.00 СОБЫТИЯ 16+
12.45 ИЗВЕСТИЯ 16+
13.00 Д/С «ПРОКУРОРЫ» ВИРУС РУСОФОБИИ» 16+
14.00 «ВСЕ ГОВОРЯТ ОБ ЭТОМ» 16+
14.30 ПАРЛАМЕНТСКОЕ ВРЕМЯ 16+
15.00 СОБЫТИЯ 16+
15.45, 18.30 ИЗВЕСТИЯ 16+
16.00 Т/С «ДОМ С ЛИЛИЯМИ» 12+
18.00, 21.00, 23.30, 03.00 «ВСЕ ГОВОРЯТ ОБ ЭТОМ» 16+
18.50 БИЗНЕС СЕГОДНЯ 16+
19.00, 21.30 НОВОСТИ ТАУ 16+
20.00, 22.30 СОБЫТИЯ 16+
20.30 СПЕЦ. РЕПОРТАЖ 16+
23.15 ИЗВЕСТИЯ 16+
00.00 Т/С «ПРИЗРАК УЕЗДНОГО ТЕАТРА» 12+
02.00, 03.30 СОБЫТИЯ 16+
5 Пятый
5.00 «ИЗВЕСТИЯ» 16+
5.30 Т/С «МОРСКИЕ ДЬЯВОЛЫ» 16+
6.20 Т/С «КРЕПКИЕ ОРЕШКИ» 16+
7.55, 9.30 Т/С «МЕНТОВСКИЕ ВОЙНЫ» 16+
8.35 «ДЕНЬ АНГЕЛА»
9.00 «ИЗВЕСТИЯ» 16+
13.00 «ИЗВЕСТИЯ» 16+
13.30, 17.30 Т/С «СЛЕД» 16+
17.00 «ИЗВЕСТИЯ» 16+
21.25 Т/С «ВЕЛИКОЛЕПНАЯ ПЯТЕРКА» 16+
00.00 «ИЗВЕСТИЯ. ИТОГИ» 16+
00.30 Т/С «ДОМ С МЕНТАМИ» 16+
02.45 Т/С «СЛЕД» 16+
